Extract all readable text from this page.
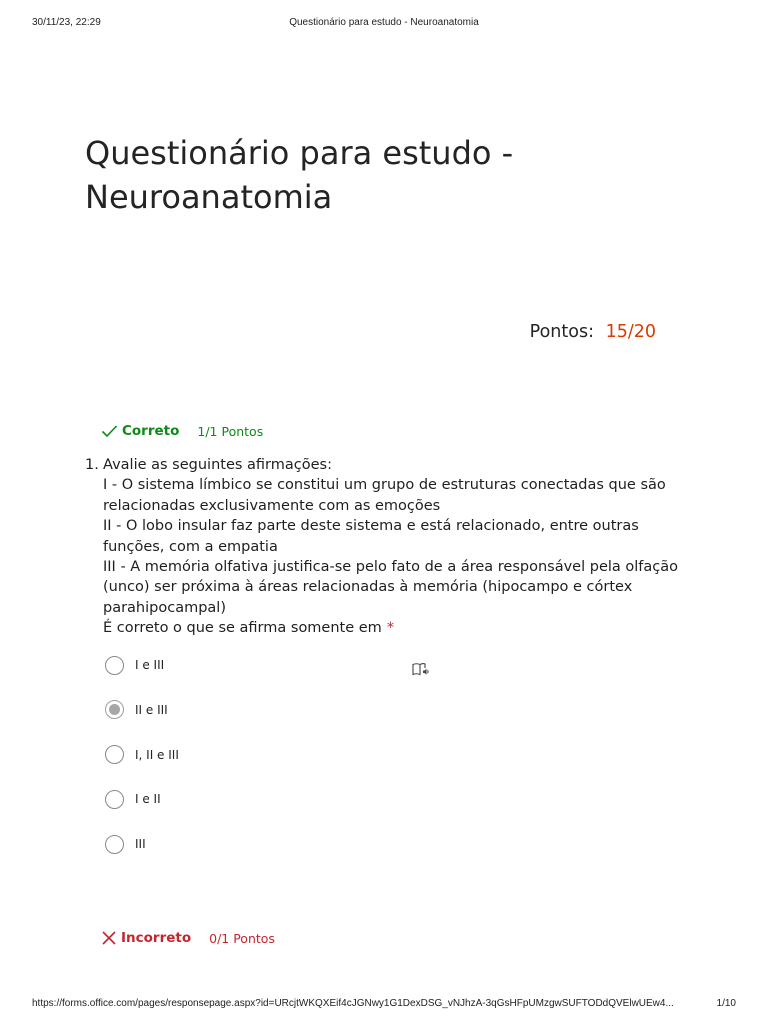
30/11/23, 22:29	Questionário para estudo - Neuroanatomia
Questionário para estudo - Neuroanatomia
Pontos: 15/20
Correto 1/1 Pontos
1. Avalie as seguintes afirmações:
I - O sistema límbico se constitui um grupo de estruturas conectadas que são
relacionadas exclusivamente com as emoções
II - O lobo insular faz parte deste sistema e está relacionado, entre outras
funções, com a empatia
III - A memória olfativa justifica-se pelo fato de a área responsável pela olfação
(unco) ser próxima à áreas relacionadas à memória (hipocampo e córtex
parahipocampal)
É correto o que se afirma somente em *

I e III
II e III
I, II e III
I e II
III
Incorreto 0/1 Pontos
https://forms.office.com/pages/responsepage.aspx?id=URcjtWKQXEif4cJGNwy1G1DexDSG_vNJhzA-3qGsHFpUMzgwSUFTODdQVElwUEw4...	1/10
